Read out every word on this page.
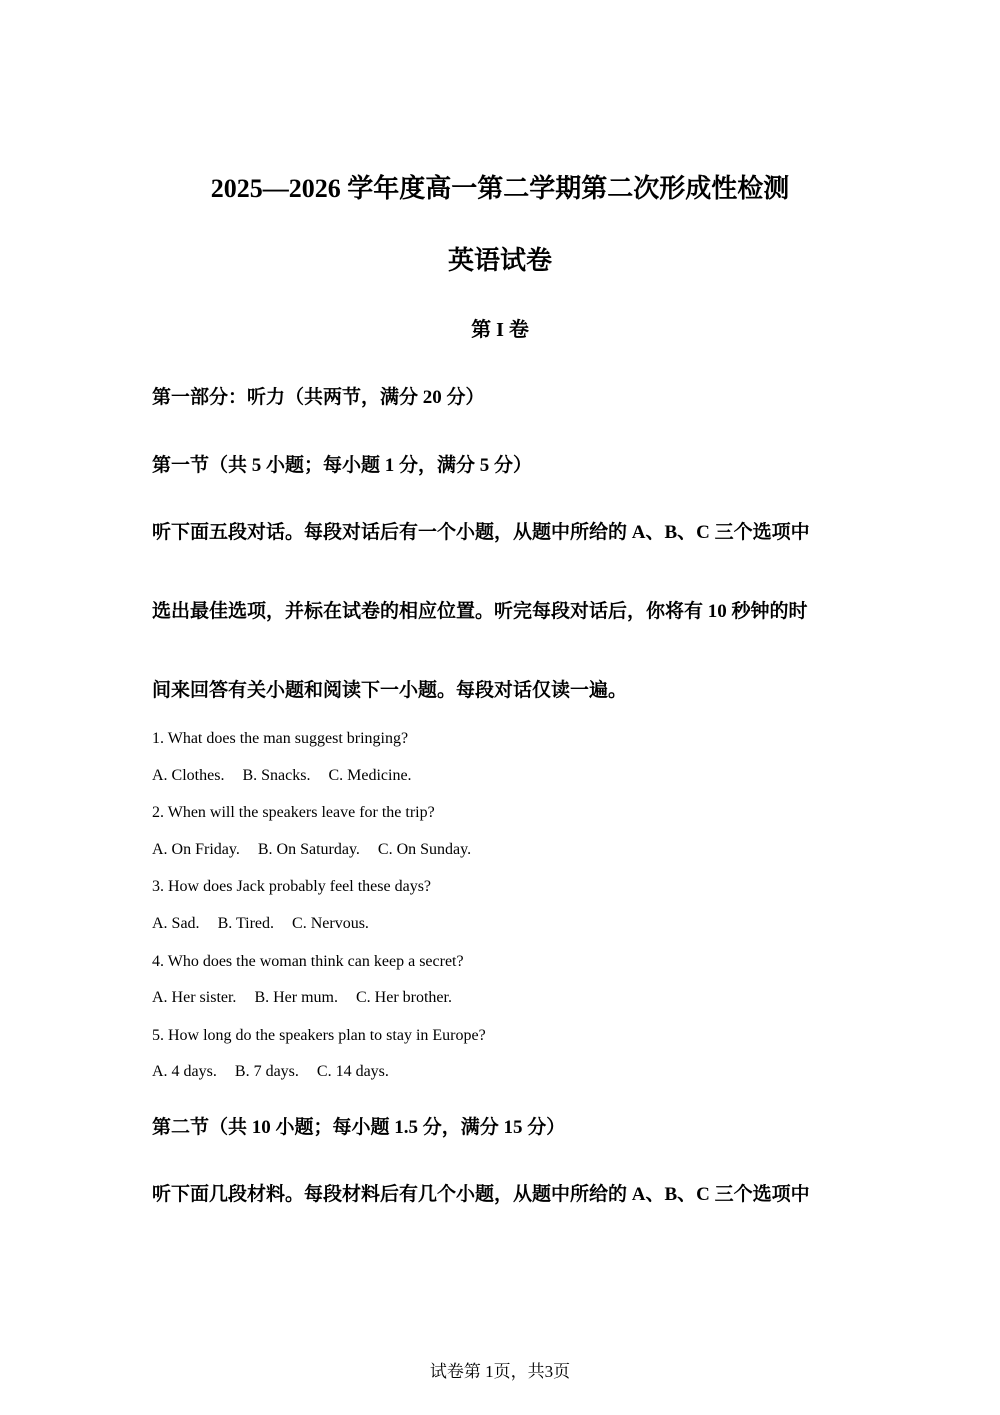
2025—2026 学年度高一第二学期第二次形成性检测
英语试卷
第 I 卷
第一部分：听力（共两节，满分 20 分）
第一节（共 5 小题；每小题 1 分，满分 5 分）
听下面五段对话。每段对话后有一个小题，从题中所给的 A、B、C 三个选项中
选出最佳选项，并标在试卷的相应位置。听完每段对话后，你将有 10 秒钟的时
间来回答有关小题和阅读下一小题。每段对话仅读一遍。
1. What does the man suggest bringing?
A. Clothes. B. Snacks. C. Medicine.
2. When will the speakers leave for the trip?
A. On Friday. B. On Saturday. C. On Sunday.
3. How does Jack probably feel these days?
A. Sad. B. Tired. C. Nervous.
4. Who does the woman think can keep a secret?
A. Her sister. B. Her mum. C. Her brother.
5. How long do the speakers plan to stay in Europe?
A. 4 days. B. 7 days. C. 14 days.
第二节（共 10 小题；每小题 1.5 分，满分 15 分）
听下面几段材料。每段材料后有几个小题，从题中所给的 A、B、C 三个选项中
试卷第 1页，共3页
